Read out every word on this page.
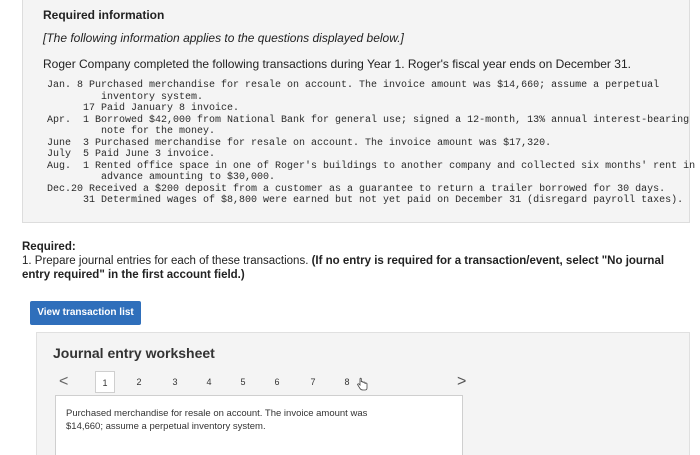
Required information
[The following information applies to the questions displayed below.]
Roger Company completed the following transactions during Year 1. Roger's fiscal year ends on December 31.
Jan. 8 Purchased merchandise for resale on account. The invoice amount was $14,660; assume a perpetual
inventory system.
17 Paid January 8 invoice.
Apr.  1 Borrowed $42,000 from National Bank for general use; signed a 12-month, 13% annual interest-bearing
note for the money.
June  3 Purchased merchandise for resale on account. The invoice amount was $17,320.
July  5 Paid June 3 invoice.
Aug.  1 Rented office space in one of Roger's buildings to another company and collected six months' rent in
advance amounting to $30,000.
Dec.20 Received a $200 deposit from a customer as a guarantee to return a trailer borrowed for 30 days.
31 Determined wages of $8,800 were earned but not yet paid on December 31 (disregard payroll taxes).
Required:
1. Prepare journal entries for each of these transactions. (If no entry is required for a transaction/event, select "No journal entry required" in the first account field.)
View transaction list
Journal entry worksheet
<	1	2	3	4	5	6	7	8	>
Purchased merchandise for resale on account. The invoice amount was
$14,660; assume a perpetual inventory system.
